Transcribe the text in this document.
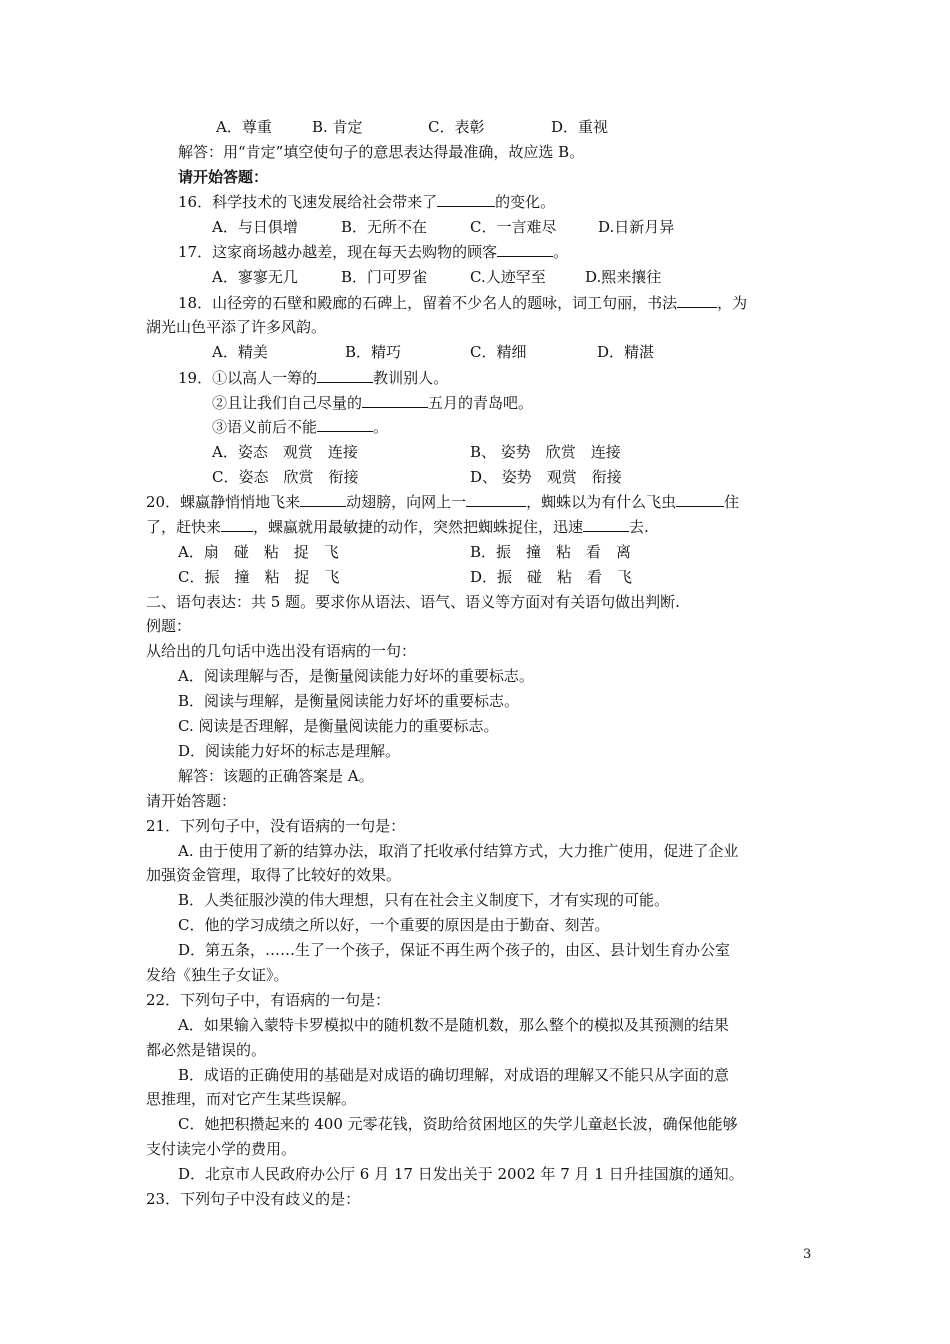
A．尊重	B. 肯定	C．表彰	D．重视
解答：用“肯定”填空使句子的意思表达得最准确，故应选 B。
请开始答题：
16．科学技术的飞速发展给社会带来了	的变化。
A．与日俱增	B．无所不在	C．一言难尽	D.日新月异
17．这家商场越办越差，现在每天去购物的顾客	。
A．寥寥无几	B．门可罗雀	C.人迹罕至	D.熙来攘往
18．山径旁的石壁和殿廊的石碑上，留着不少名人的题咏，词工句丽，书法	，为
湖光山色平添了许多风韵。
A．精美	B．精巧	C．精细	D．精湛
19．①以高人一筹的	教训别人。
②且让我们自己尽量的	五月的青岛吧。
③语义前后不能	。
A．姿态　观赏　连接	B、 姿势　欣赏　连接
C．姿态　欣赏　衔接	D、 姿势　观赏　衔接
20．蜾蠃静悄悄地飞来	动翅膀，向网上一	，蜘蛛以为有什么飞虫	住
了，赶快来 ，蜾蠃就用最敏捷的动作，突然把蜘蛛捉住，迅速	去.
A．扇　碰　粘　捉　飞	B．振　撞　粘　看　离
C．振　撞　粘　捉　飞	D．振　碰　粘　看　飞
二、语句表达：共 5 题。要求你从语法、语气、语义等方面对有关语句做出判断.
例题：
从给出的几句话中选出没有语病的一句：
A．阅读理解与否，是衡量阅读能力好坏的重要标志。
B．阅读与理解，是衡量阅读能力好坏的重要标志。
C. 阅读是否理解，是衡量阅读能力的重要标志。
D．阅读能力好坏的标志是理解。
解答：该题的正确答案是 A。
请开始答题：
21．下列句子中，没有语病的一句是：
A. 由于使用了新的结算办法，取消了托收承付结算方式，大力推广使用，促进了企业
加强资金管理，取得了比较好的效果。
B．人类征服沙漠的伟大理想，只有在社会主义制度下，才有实现的可能。
C．他的学习成绩之所以好，一个重要的原因是由于勤奋、刻苦。
D．第五条，……生了一个孩子，保证不再生两个孩子的，由区、县计划生育办公室
发给《独生子女证》。
22．下列句子中，有语病的一句是：
A．如果输入蒙特卡罗模拟中的随机数不是随机数，那么整个的模拟及其预测的结果
都必然是错误的。
B．成语的正确使用的基础是对成语的确切理解，对成语的理解又不能只从字面的意
思推理，而对它产生某些误解。
C．她把积攒起来的 400 元零花钱，资助给贫困地区的失学儿童赵长波，确保他能够
支付读完小学的费用。
D．北京市人民政府办公厅 6 月 17 日发出关于 2002 年 7 月 1 日升挂国旗的通知。
23．下列句子中没有歧义的是：
3
